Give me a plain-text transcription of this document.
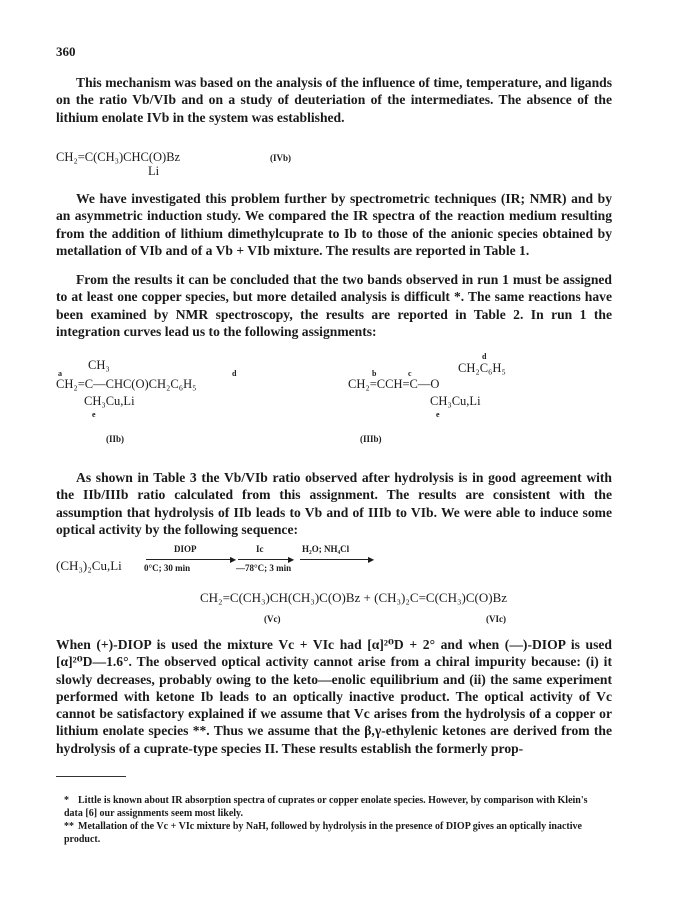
360

This mechanism was based on the analysis of the influence of time, temperature, and ligands on the ratio Vb/VIb and on a study of deuteriation of the intermediates. The absence of the lithium enolate IVb in the system was established.

CH₂=C(CH₃)CHC(O)Bz
Li
(IVb)

We have investigated this problem further by spectrometric techniques (IR; NMR) and by an asymmetric induction study. We compared the IR spectra of the reaction medium resulting from the addition of lithium dimethylcuprate to Ib to those of the anionic species obtained by metallation of VIb and of a Vb + VIb mixture. The results are reported in Table 1.

From the results it can be concluded that the two bands observed in run 1 must be assigned to at least one copper species, but more detailed analysis is difficult *. The same reactions have been examined by NMR spectroscopy, the results are reported in Table 2. In run 1 the integration curves lead us to the following assignments:

CH₃
a	d
CH₂=C—CHC(O)CH₂C₆H₅
CH₃Cu,Li
e
(IIb)
d
CH₂C₆H₅
b	c
CH₂=CCH=C—O
CH₃Cu,Li
e
(IIIb)

As shown in Table 3 the Vb/VIb ratio observed after hydrolysis is in good agreement with the IIb/IIIb ratio calculated from this assignment. The results are consistent with the assumption that hydrolysis of IIb leads to Vb and of IIIb to VIb. We were able to induce some optical activity by the following sequence:

(CH₃)₂Cu,Li
DIOP
▶
0°C; 30 min
Ic
▶
—78°C; 3 min
H₂O; NH₄Cl
▶
CH₂=C(CH₃)CH(CH₃)C(O)Bz + (CH₃)₂C=C(CH₃)C(O)Bz
(Vc)	(VIc)

When (+)-DIOP is used the mixture Vc + VIc had [α]²⁰D + 2° and when (—)-DIOP is used [α]²⁰D—1.6°. The observed optical activity cannot arise from a chiral impurity because: (i) it slowly decreases, probably owing to the keto—enolic equilibrium and (ii) the same experiment performed with ketone Ib leads to an optically inactive product. The optical activity of Vc cannot be satisfactory explained if we assume that Vc arises from the hydrolysis of a copper or lithium enolate species **. Thus we assume that the β,γ-ethylenic ketones are derived from the hydrolysis of a cuprate-type species II. These results establish the formerly prop-

* Little is known about IR absorption spectra of cuprates or copper enolate species. However, by comparison with Klein's data [6] our assignments seem most likely.

** Metallation of the Vc + VIc mixture by NaH, followed by hydrolysis in the presence of DIOP gives an optically inactive product.
